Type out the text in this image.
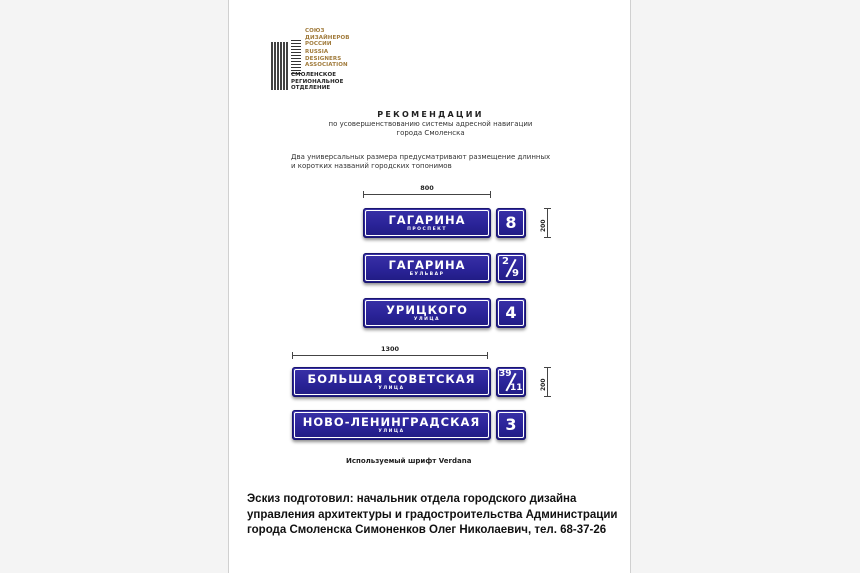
СОЮЗ
ДИЗАЙНЕРОВ
РОССИИ
RUSSIA
DESIGNERS
ASSOCIATION
СМОЛЕНСКОЕ
РЕГИОНАЛЬНОЕ
ОТДЕЛЕНИЕ
РЕКОМЕНДАЦИИ
по усовершенствованию системы адресной навигации
города Смоленска
Два универсальных размера предусматривают размещение длинных
и коротких названий городских топонимов
800
ГАГАРИНА
ПРОСПЕКТ	8	200
ГАГАРИНА
БУЛЬВАР
2
9
УРИЦКОГО
УЛИЦА	4
1300
БОЛЬШАЯ СОВЕТСКАЯ
УЛИЦА
39
11	200
НОВО-ЛЕНИНГРАДСКАЯ
УЛИЦА	3
Используемый шрифт Verdana
Эскиз подготовил: начальник отдела городского дизайна
управления архитектуры и градостроительства Администрации
города Смоленска Симоненков Олег Николаевич, тел. 68-37-26
